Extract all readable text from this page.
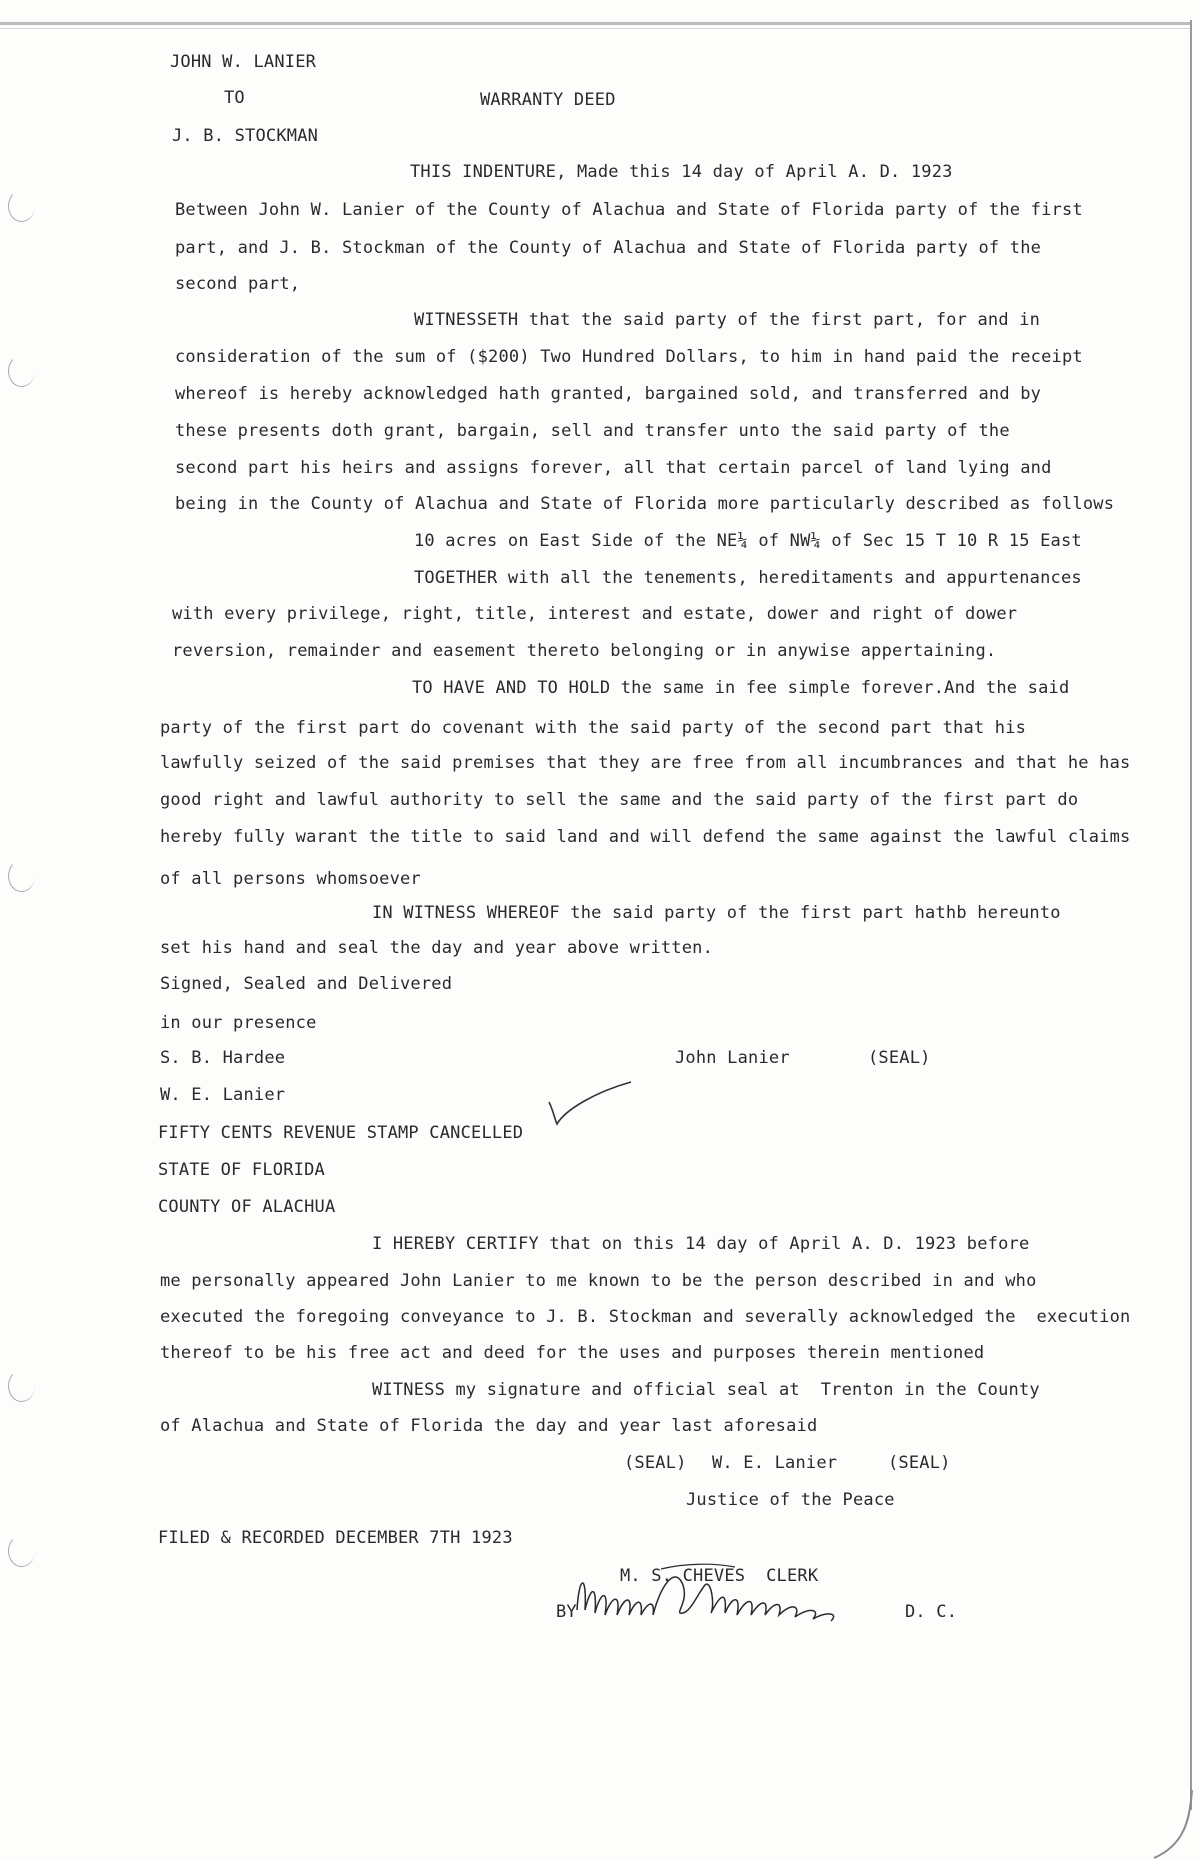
JOHN W. LANIER
TO	WARRANTY DEED
J. B. STOCKMAN
THIS INDENTURE, Made this 14 day of April A. D. 1923
Between John W. Lanier of the County of Alachua and State of Florida party of the first
part, and J. B. Stockman of the County of Alachua and State of Florida party of the
second part,
WITNESSETH that the said party of the first part, for and in
consideration of the sum of ($200) Two Hundred Dollars, to him in hand paid the receipt
whereof is hereby acknowledged hath granted, bargained sold, and transferred and by
these presents doth grant, bargain, sell and transfer unto the said party of the
second part his heirs and assigns forever, all that certain parcel of land lying and
being in the County of Alachua and State of Florida more particularly described as follows
10 acres on East Side of the NE¼ of NW¼ of Sec 15 T 10 R 15 East
TOGETHER with all the tenements, hereditaments and appurtenances
with every privilege, right, title, interest and estate, dower and right of dower
reversion, remainder and easement thereto belonging or in anywise appertaining.
TO HAVE AND TO HOLD the same in fee simple forever.And the said
party of the first part do covenant with the said party of the second part that his
lawfully seized of the said premises that they are free from all incumbrances and that he has
good right and lawful authority to sell the same and the said party of the first part do
hereby fully warant the title to said land and will defend the same against the lawful claims
of all persons whomsoever
IN WITNESS WHEREOF the said party of the first part hathb hereunto
set his hand and seal the day and year above written.
Signed, Sealed and Delivered
in our presence
S. B. Hardee	John Lanier	(SEAL)
W. E. Lanier
FIFTY CENTS REVENUE STAMP CANCELLED
STATE OF FLORIDA
COUNTY OF ALACHUA
I HEREBY CERTIFY that on this 14 day of April A. D. 1923 before
me personally appeared John Lanier to me known to be the person described in and who
executed the foregoing conveyance to J. B. Stockman and severally acknowledged the  execution
thereof to be his free act and deed for the uses and purposes therein mentioned
WITNESS my signature and official seal at  Trenton in the County
of Alachua and State of Florida the day and year last aforesaid
(SEAL) W. E. Lanier	(SEAL)
Justice of the Peace
FILED & RECORDED DECEMBER 7TH 1923
M. S. CHEVES  CLERK
BY	D. C.
